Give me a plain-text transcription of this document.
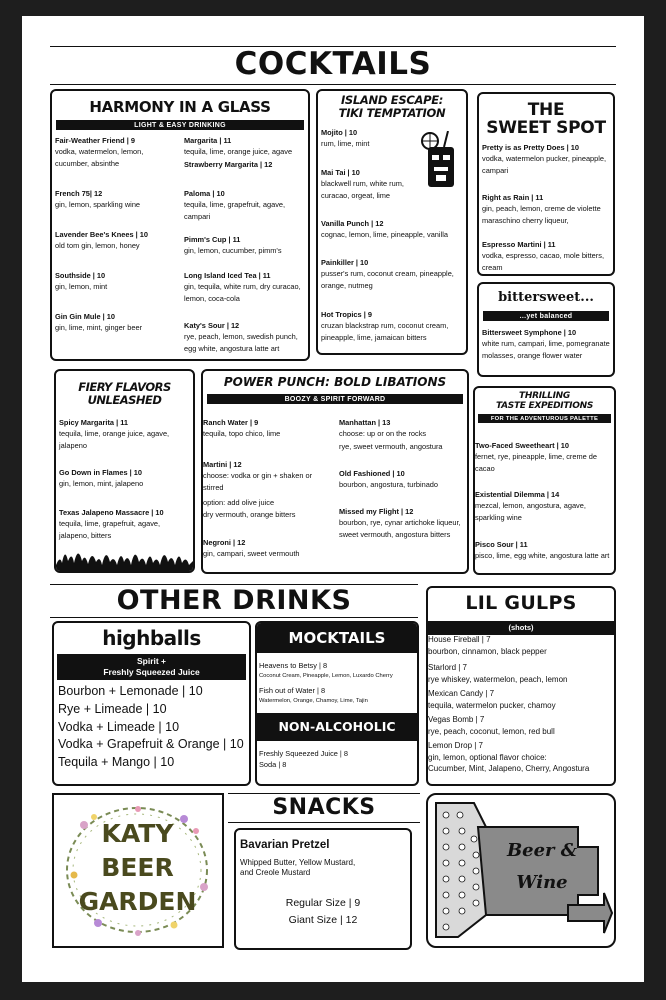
COCKTAILS
HARMONY IN A GLASS
LIGHT & EASY DRINKING
Fair-Weather Friend | 9
vodka, watermelon, lemon, cucumber, absinthe
French 75| 12
gin, lemon, sparkling wine
Lavender Bee's Knees | 10
old tom gin, lemon, honey
Southside | 10
gin, lemon, mint
Gin Gin Mule | 10
gin, lime, mint, ginger beer
Margarita | 11
tequila, lime, orange juice, agave
Strawberry Margarita | 12
Paloma | 10
tequila, lime, grapefruit, agave, campari
Pimm's Cup | 11
gin, lemon, cucumber, pimm's
Long Island Iced Tea | 11
gin, tequila, white rum, dry curacao, lemon, coca-cola
Katy's Sour | 12
rye, peach, lemon, swedish punch, egg white, angostura latte art
ISLAND ESCAPE:
TIKI TEMPTATION
Mojito | 10
rum, lime, mint
Mai Tai | 10
blackwell rum, white rum, curacao, orgeat, lime
Vanilla Punch | 12
cognac, lemon, lime, pineapple, vanilla
Painkiller | 10
pusser's rum, coconut cream, pineapple, orange, nutmeg
Hot Tropics | 9
cruzan blackstrap rum, coconut cream, pineapple, lime, jamaican bitters
THE
SWEET SPOT
Pretty is as Pretty Does | 10
vodka, watermelon pucker, pineapple, campari
Right as Rain | 11
gin, peach, lemon, creme de violette maraschino cherry liqueur,
Espresso Martini | 11
vodka, espresso, cacao, mole bitters, cream
bittersweet...
...yet balanced
Bittersweet Symphone | 10
white rum, campari, lime, pomegranate molasses, orange flower water
FIERY FLAVORS
UNLEASHED
Spicy Margarita | 11
tequila, lime, orange juice, agave, jalapeno
Go Down in Flames | 10
gin, lemon, mint, jalapeno
Texas Jalapeno Massacre | 10
tequila, lime, grapefruit, agave, jalapeno, bitters
POWER PUNCH: BOLD LIBATIONS
BOOZY & SPIRIT FORWARD
Ranch Water | 9
tequila, topo chico, lime
Martini | 12
choose: vodka or gin + shaken or stirred
option: add olive juice
dry vermouth, orange bitters
Negroni | 12
gin, campari, sweet vermouth
Manhattan | 13
choose: up or on the rocks
rye, sweet vermouth, angostura
Old Fashioned | 10
bourbon, angostura, turbinado
Missed my Flight | 12
bourbon, rye, cynar artichoke liqueur, sweet vermouth, angostura bitters
THRILLING
TASTE EXPEDITIONS
FOR THE ADVENTUROUS PALETTE
Two-Faced Sweetheart | 10
fernet, rye, pineapple, lime, creme de cacao
Existential Dilemma | 14
mezcal, lemon, angostura, agave, sparkling wine
Pisco Sour | 11
pisco, lime, egg white, angostura latte art
OTHER DRINKS
highballs
Spirit +
Freshly Squeezed Juice
Bourbon + Lemonade | 10
Rye + Limeade | 10
Vodka + Limeade | 10
Vodka + Grapefruit & Orange | 10
Tequila + Mango | 10
MOCKTAILS
Heavens to Betsy | 8
Coconut Cream, Pineapple, Lemon, Luxardo Cherry
Fish out of Water | 8
Watermelon, Orange, Chamoy, Lime, Tajin
NON-ALCOHOLIC
Freshly Squeezed Juice | 8
Soda | 8
LIL GULPS
(shots)
House Fireball | 7
bourbon, cinnamon, black pepper
Starlord | 7
rye whiskey, watermelon, peach, lemon
Mexican Candy | 7
tequila, watermelon pucker, chamoy
Vegas Bomb | 7
rye, peach, coconut, lemon, red bull
Lemon Drop | 7
gin, lemon, optional flavor choice:
Cucumber, Mint, Jalapeno, Cherry, Angostura
KATY
BEER
GARDEN
SNACKS
Bavarian Pretzel
Whipped Butter, Yellow Mustard,
and Creole Mustard
Regular Size | 9
Giant Size | 12
Beer &
Wine
